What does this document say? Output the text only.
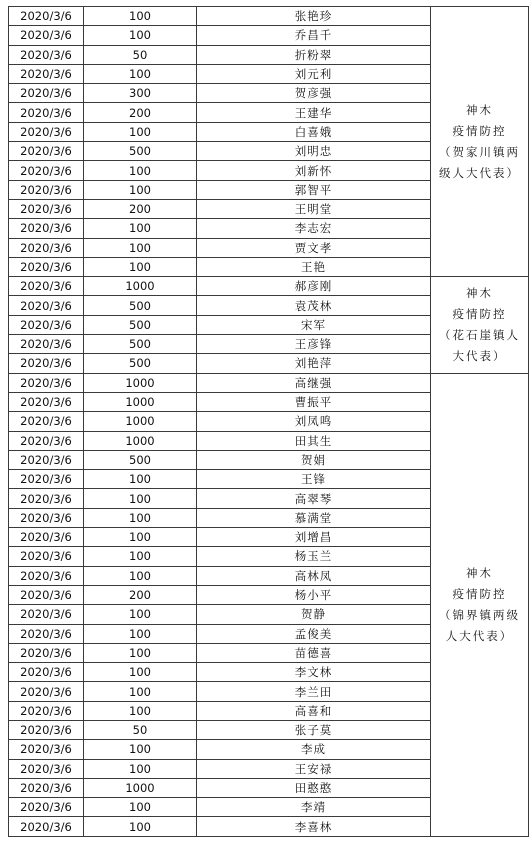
2020/3/6	100	张艳珍	神木
疫情防控
（贺家川镇两
级人大代表）

2020/3/6	100	乔昌千	
2020/3/6	50	折粉翠	
2020/3/6	100	刘元利	
2020/3/6	300	贺彦强	
2020/3/6	200	王建华	
2020/3/6	100	白喜娥	
2020/3/6	500	刘明忠	
2020/3/6	100	刘新怀	
2020/3/6	100	郭智平	
2020/3/6	200	王明堂	
2020/3/6	100	李志宏	
2020/3/6	100	贾文孝	
2020/3/6	100	王艳	
2020/3/6	1000	郝彦刚	神木
疫情防控
（花石崖镇人
大代表）

2020/3/6	500	袁茂林	
2020/3/6	500	宋军	
2020/3/6	500	王彦锋	
2020/3/6	500	刘艳萍	
2020/3/6	1000	高继强	神木
疫情防控
（锦界镇两级
人大代表）

2020/3/6	1000	曹振平	
2020/3/6	1000	刘凤鸣	
2020/3/6	1000	田其生	
2020/3/6	500	贺娟	
2020/3/6	100	王锋	
2020/3/6	100	高翠琴	
2020/3/6	100	慕满堂	
2020/3/6	100	刘增昌	
2020/3/6	100	杨玉兰	
2020/3/6	100	高林凤	
2020/3/6	200	杨小平	
2020/3/6	100	贺静	
2020/3/6	100	孟俊美	
2020/3/6	100	苗德喜	
2020/3/6	100	李文林	
2020/3/6	100	李兰田	
2020/3/6	100	高喜和	
2020/3/6	50	张子莫	
2020/3/6	100	李成	
2020/3/6	100	王安禄	
2020/3/6	1000	田憨憨	
2020/3/6	100	李靖	
2020/3/6	100	李喜林	
